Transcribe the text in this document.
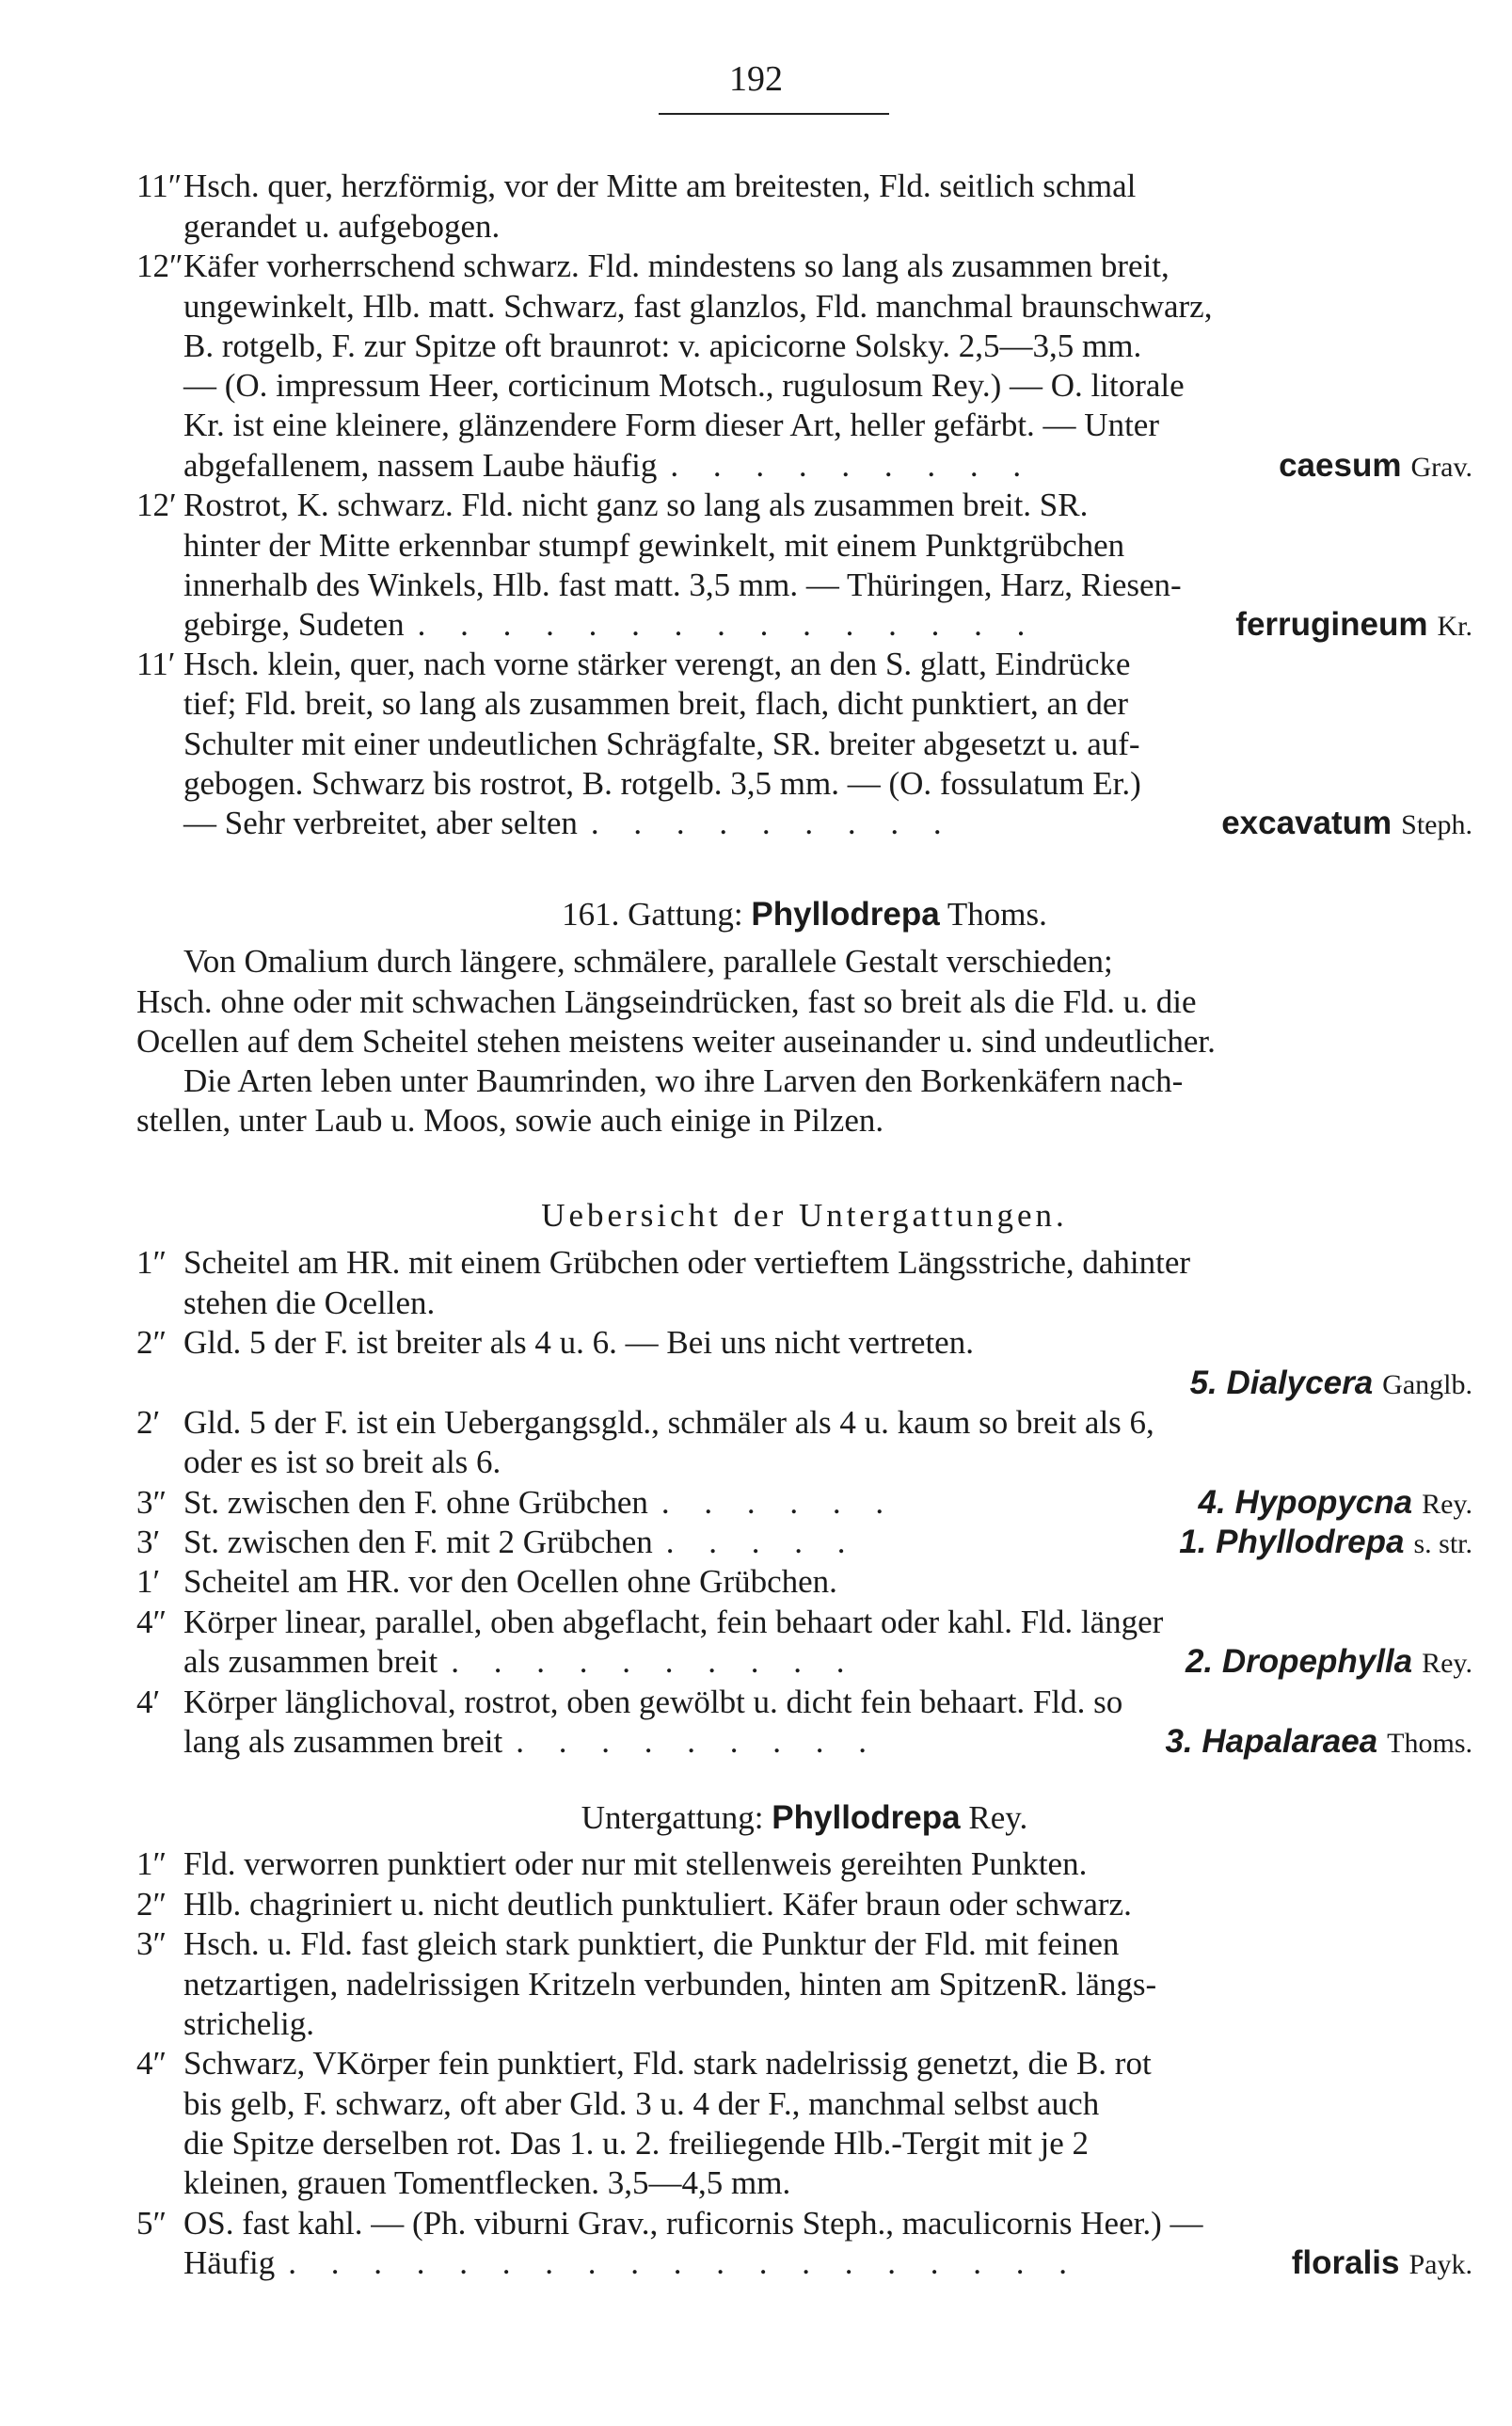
192
11″ Hsch. quer, herzförmig, vor der Mitte am breitesten, Fld. seitlich schmal
gerandet u. aufgebogen.
12″ Käfer vorherrschend schwarz. Fld. mindestens so lang als zusammen breit,
ungewinkelt, Hlb. matt. Schwarz, fast glanzlos, Fld. manchmal braunschwarz,
B. rotgelb, F. zur Spitze oft braunrot: v. apicicorne Solsky. 2,5—3,5 mm.
— (O. impressum Heer, corticinum Motsch., rugulosum Rey.) — O. litorale
Kr. ist eine kleinere, glänzendere Form dieser Art, heller gefärbt. — Unter
abgefallenem, nassem Laube häufig . . . . . . . . .	caesum Grav.
12′ Rostrot, K. schwarz. Fld. nicht ganz so lang als zusammen breit. SR.
hinter der Mitte erkennbar stumpf gewinkelt, mit einem Punktgrübchen
innerhalb des Winkels, Hlb. fast matt. 3,5 mm. — Thüringen, Harz, Riesen-
gebirge, Sudeten . . . . . . . . . . . . . . .	ferrugineum Kr.
11′ Hsch. klein, quer, nach vorne stärker verengt, an den S. glatt, Eindrücke
tief; Fld. breit, so lang als zusammen breit, flach, dicht punktiert, an der
Schulter mit einer undeutlichen Schrägfalte, SR. breiter abgesetzt u. auf-
gebogen. Schwarz bis rostrot, B. rotgelb. 3,5 mm. — (O. fossulatum Er.)
— Sehr verbreitet, aber selten . . . . . . . . .	excavatum Steph.
161. Gattung: Phyllodrepa Thoms.
Von Omalium durch längere, schmälere, parallele Gestalt verschieden;
Hsch. ohne oder mit schwachen Längseindrücken, fast so breit als die Fld. u. die
Ocellen auf dem Scheitel stehen meistens weiter auseinander u. sind undeutlicher.
Die Arten leben unter Baumrinden, wo ihre Larven den Borkenkäfern nach-
stellen, unter Laub u. Moos, sowie auch einige in Pilzen.
Uebersicht der Untergattungen.
1″ Scheitel am HR. mit einem Grübchen oder vertieftem Längsstriche, dahinter
stehen die Ocellen.
2″ Gld. 5 der F. ist breiter als 4 u. 6. — Bei uns nicht vertreten.
5. Dialycera Ganglb.
2′ Gld. 5 der F. ist ein Uebergangsgld., schmäler als 4 u. kaum so breit als 6,
oder es ist so breit als 6.
3″ St. zwischen den F. ohne Grübchen . . . . . .	4. Hypopycna Rey.
3′ St. zwischen den F. mit 2 Grübchen . . . . .	1. Phyllodrepa s. str.
1′ Scheitel am HR. vor den Ocellen ohne Grübchen.
4″ Körper linear, parallel, oben abgeflacht, fein behaart oder kahl. Fld. länger
als zusammen breit . . . . . . . . . .	2. Dropephylla Rey.
4′ Körper länglichoval, rostrot, oben gewölbt u. dicht fein behaart. Fld. so
lang als zusammen breit . . . . . . . . .	3. Hapalaraea Thoms.
Untergattung: Phyllodrepa Rey.
1″ Fld. verworren punktiert oder nur mit stellenweis gereihten Punkten.
2″ Hlb. chagriniert u. nicht deutlich punktuliert. Käfer braun oder schwarz.
3″ Hsch. u. Fld. fast gleich stark punktiert, die Punktur der Fld. mit feinen
netzartigen, nadelrissigen Kritzeln verbunden, hinten am SpitzenR. längs-
strichelig.
4″ Schwarz, VKörper fein punktiert, Fld. stark nadelrissig genetzt, die B. rot
bis gelb, F. schwarz, oft aber Gld. 3 u. 4 der F., manchmal selbst auch
die Spitze derselben rot. Das 1. u. 2. freiliegende Hlb.-Tergit mit je 2
kleinen, grauen Tomentflecken. 3,5—4,5 mm.
5″ OS. fast kahl. — (Ph. viburni Grav., ruficornis Steph., maculicornis Heer.) —
Häufig . . . . . . . . . . . . . . . . . . .	floralis Payk.
